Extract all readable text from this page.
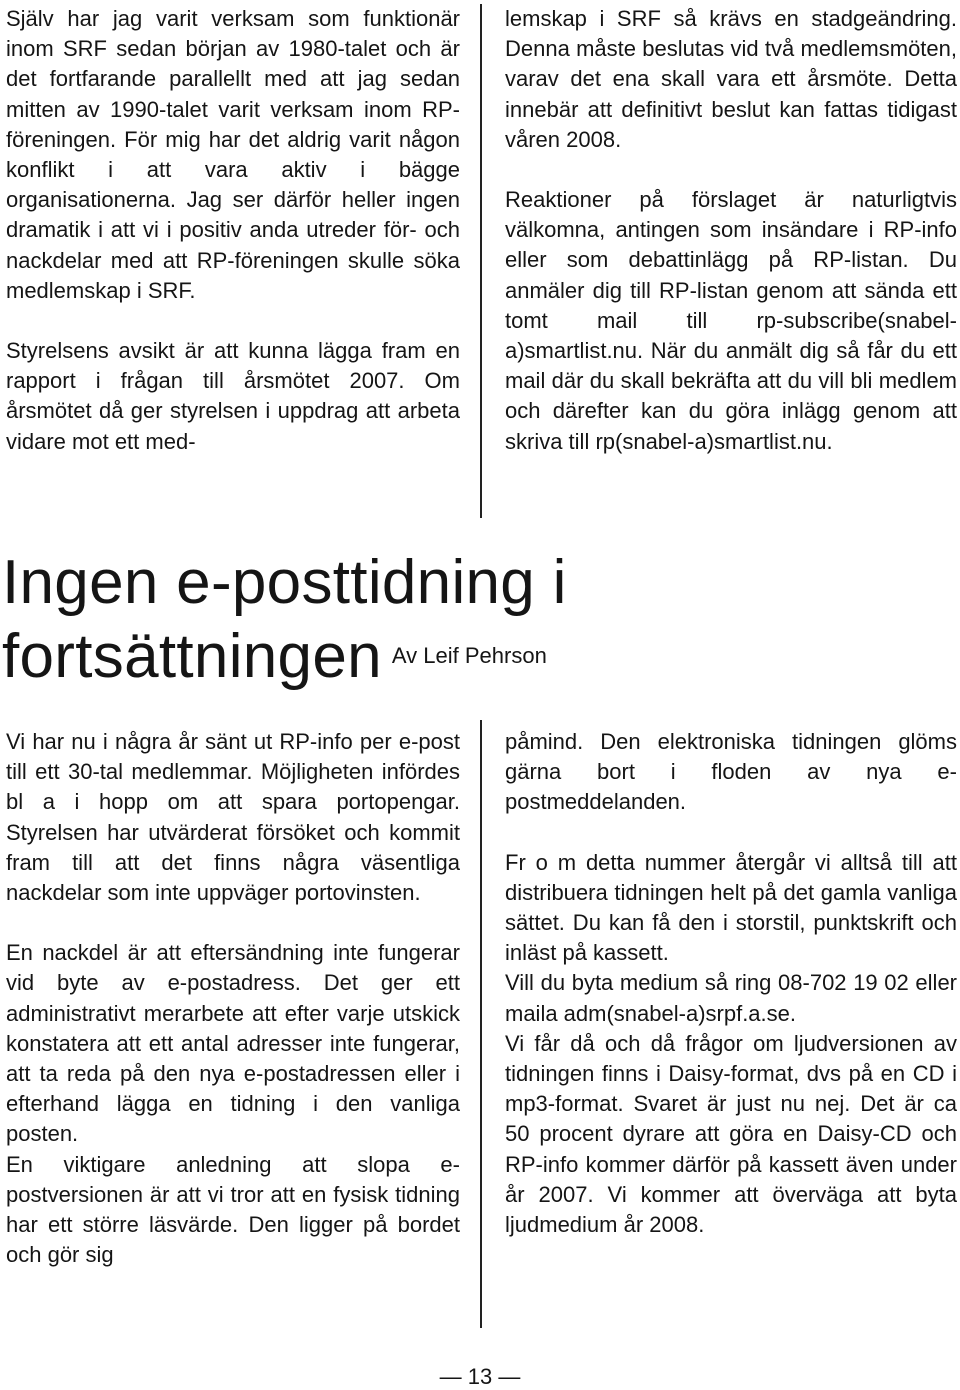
Själv har jag varit verksam som funktionär inom SRF sedan början av 1980-talet och är det fortfarande parallellt med att jag sedan mitten av 1990-talet varit verksam inom RP-föreningen. För mig har det aldrig varit någon konflikt i att vara aktiv i bägge organisationerna. Jag ser därför heller ingen dramatik i att vi i positiv anda utreder för- och nackdelar med att RP-föreningen skulle söka medlemskap i SRF.

Styrelsens avsikt är att kunna lägga fram en rapport i frågan till årsmötet 2007. Om årsmötet då ger styrelsen i uppdrag att arbeta vidare mot ett med-

lemskap i SRF så krävs en stadgeändring. Denna måste beslutas vid två medlemsmöten, varav det ena skall vara ett årsmöte. Detta innebär att definitivt beslut kan fattas tidigast våren 2008.

Reaktioner på förslaget är naturligtvis välkomna, antingen som insändare i RP-info eller som debattinlägg på RP-listan. Du anmäler dig till RP-listan genom att sända ett tomt mail till rp-subscribe(snabel-a)smartlist.nu. När du anmält dig så får du ett mail där du skall bekräfta att du vill bli medlem och därefter kan du göra inlägg genom att skriva till rp(snabel-a)smartlist.nu.

Ingen e-posttidning i
fortsättningen $^{Av Leif Pehrson}$

Vi har nu i några år sänt ut RP-info per e-post till ett 30-tal medlemmar. Möjligheten infördes bl a i hopp om att spara portopengar. Styrelsen har utvärderat försöket och kommit fram till att det finns några väsentliga nackdelar som inte uppväger portovinsten.

En nackdel är att eftersändning inte fungerar vid byte av e-postadress. Det ger ett administrativt merarbete att efter varje utskick konstatera att ett antal adresser inte fungerar, att ta reda på den nya e-postadressen eller i efterhand lägga en tidning i den vanliga posten.

En viktigare anledning att slopa e-postversionen är att vi tror att en fysisk tidning har ett större läsvärde. Den ligger på bordet och gör sig

påmind. Den elektroniska tidningen glöms gärna bort i floden av nya e-postmeddelanden.

Fr o m detta nummer återgår vi alltså till att distribuera tidningen helt på det gamla vanliga sättet. Du kan få den i storstil, punktskrift och inläst på kassett.

Vill du byta medium så ring 08-702 19 02 eller maila adm(snabel-a)srpf.a.se.

Vi får då och då frågor om ljudversionen av tidningen finns i Daisy-format, dvs på en CD i mp3-format. Svaret är just nu nej. Det är ca 50 procent dyrare att göra en Daisy-CD och RP-info kommer därför på kassett även under år 2007. Vi kommer att överväga att byta ljudmedium år 2008.

— 13 —
